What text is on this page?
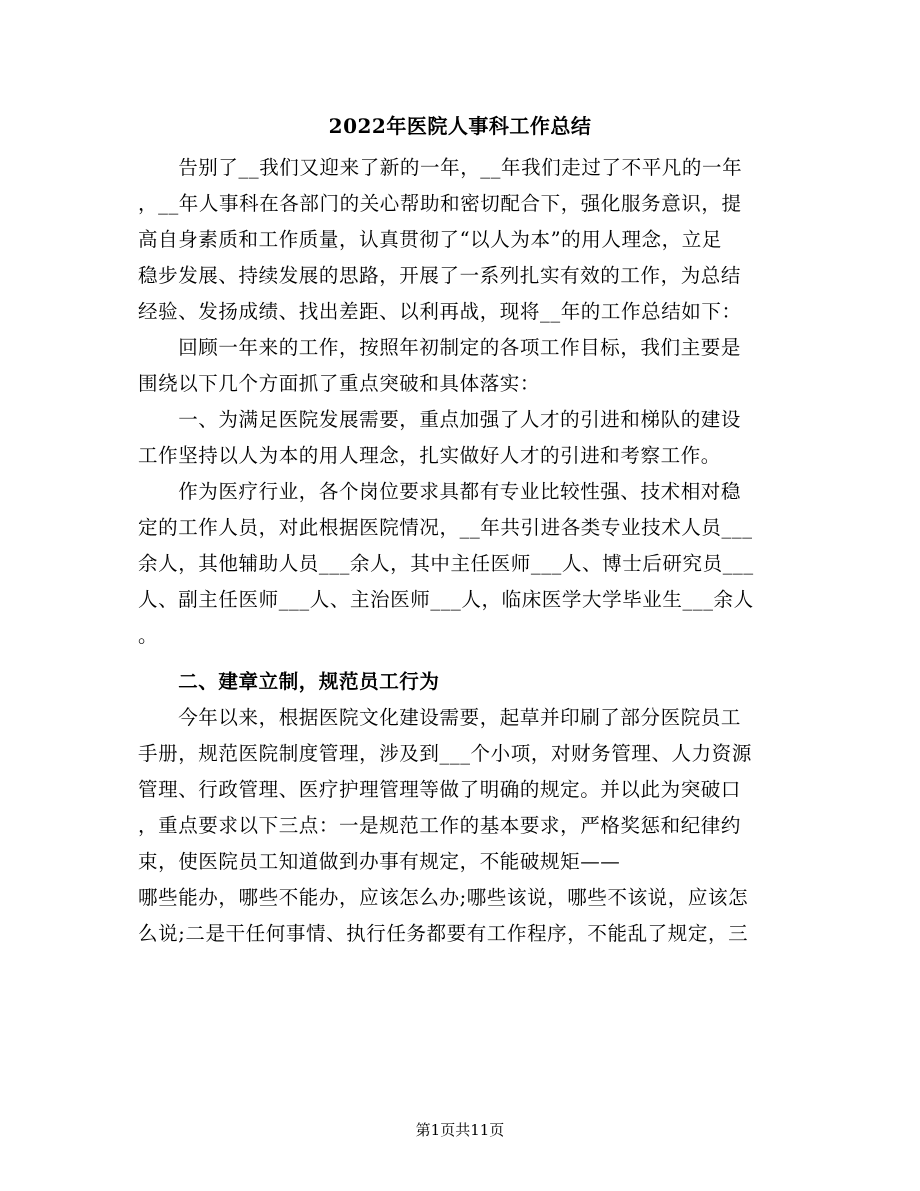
2022年医院人事科工作总结
　　告别了__我们又迎来了新的一年，__年我们走过了不平凡的一年
，__年人事科在各部门的关心帮助和密切配合下，强化服务意识，提
高自身素质和工作质量，认真贯彻了“以人为本”的用人理念，立足
稳步发展、持续发展的思路，开展了一系列扎实有效的工作，为总结
经验、发扬成绩、找出差距、以利再战，现将__年的工作总结如下：
　　回顾一年来的工作，按照年初制定的各项工作目标，我们主要是
围绕以下几个方面抓了重点突破和具体落实：
　　一、为满足医院发展需要，重点加强了人才的引进和梯队的建设
工作坚持以人为本的用人理念，扎实做好人才的引进和考察工作。
　　作为医疗行业，各个岗位要求具都有专业比较性强、技术相对稳
定的工作人员，对此根据医院情况，__年共引进各类专业技术人员___
余人，其他辅助人员___余人，其中主任医师___人、博士后研究员___
人、副主任医师___人、主治医师___人，临床医学大学毕业生___余人
。
　　二、建章立制，规范员工行为
　　今年以来，根据医院文化建设需要，起草并印刷了部分医院员工
手册，规范医院制度管理，涉及到___个小项，对财务管理、人力资源
管理、行政管理、医疗护理管理等做了明确的规定。并以此为突破口
，重点要求以下三点：一是规范工作的基本要求，严格奖惩和纪律约
束，使医院员工知道做到办事有规定，不能破规矩——
哪些能办，哪些不能办，应该怎么办;哪些该说，哪些不该说，应该怎
么说;二是干任何事情、执行任务都要有工作程序，不能乱了规定，三
第1页共11页
